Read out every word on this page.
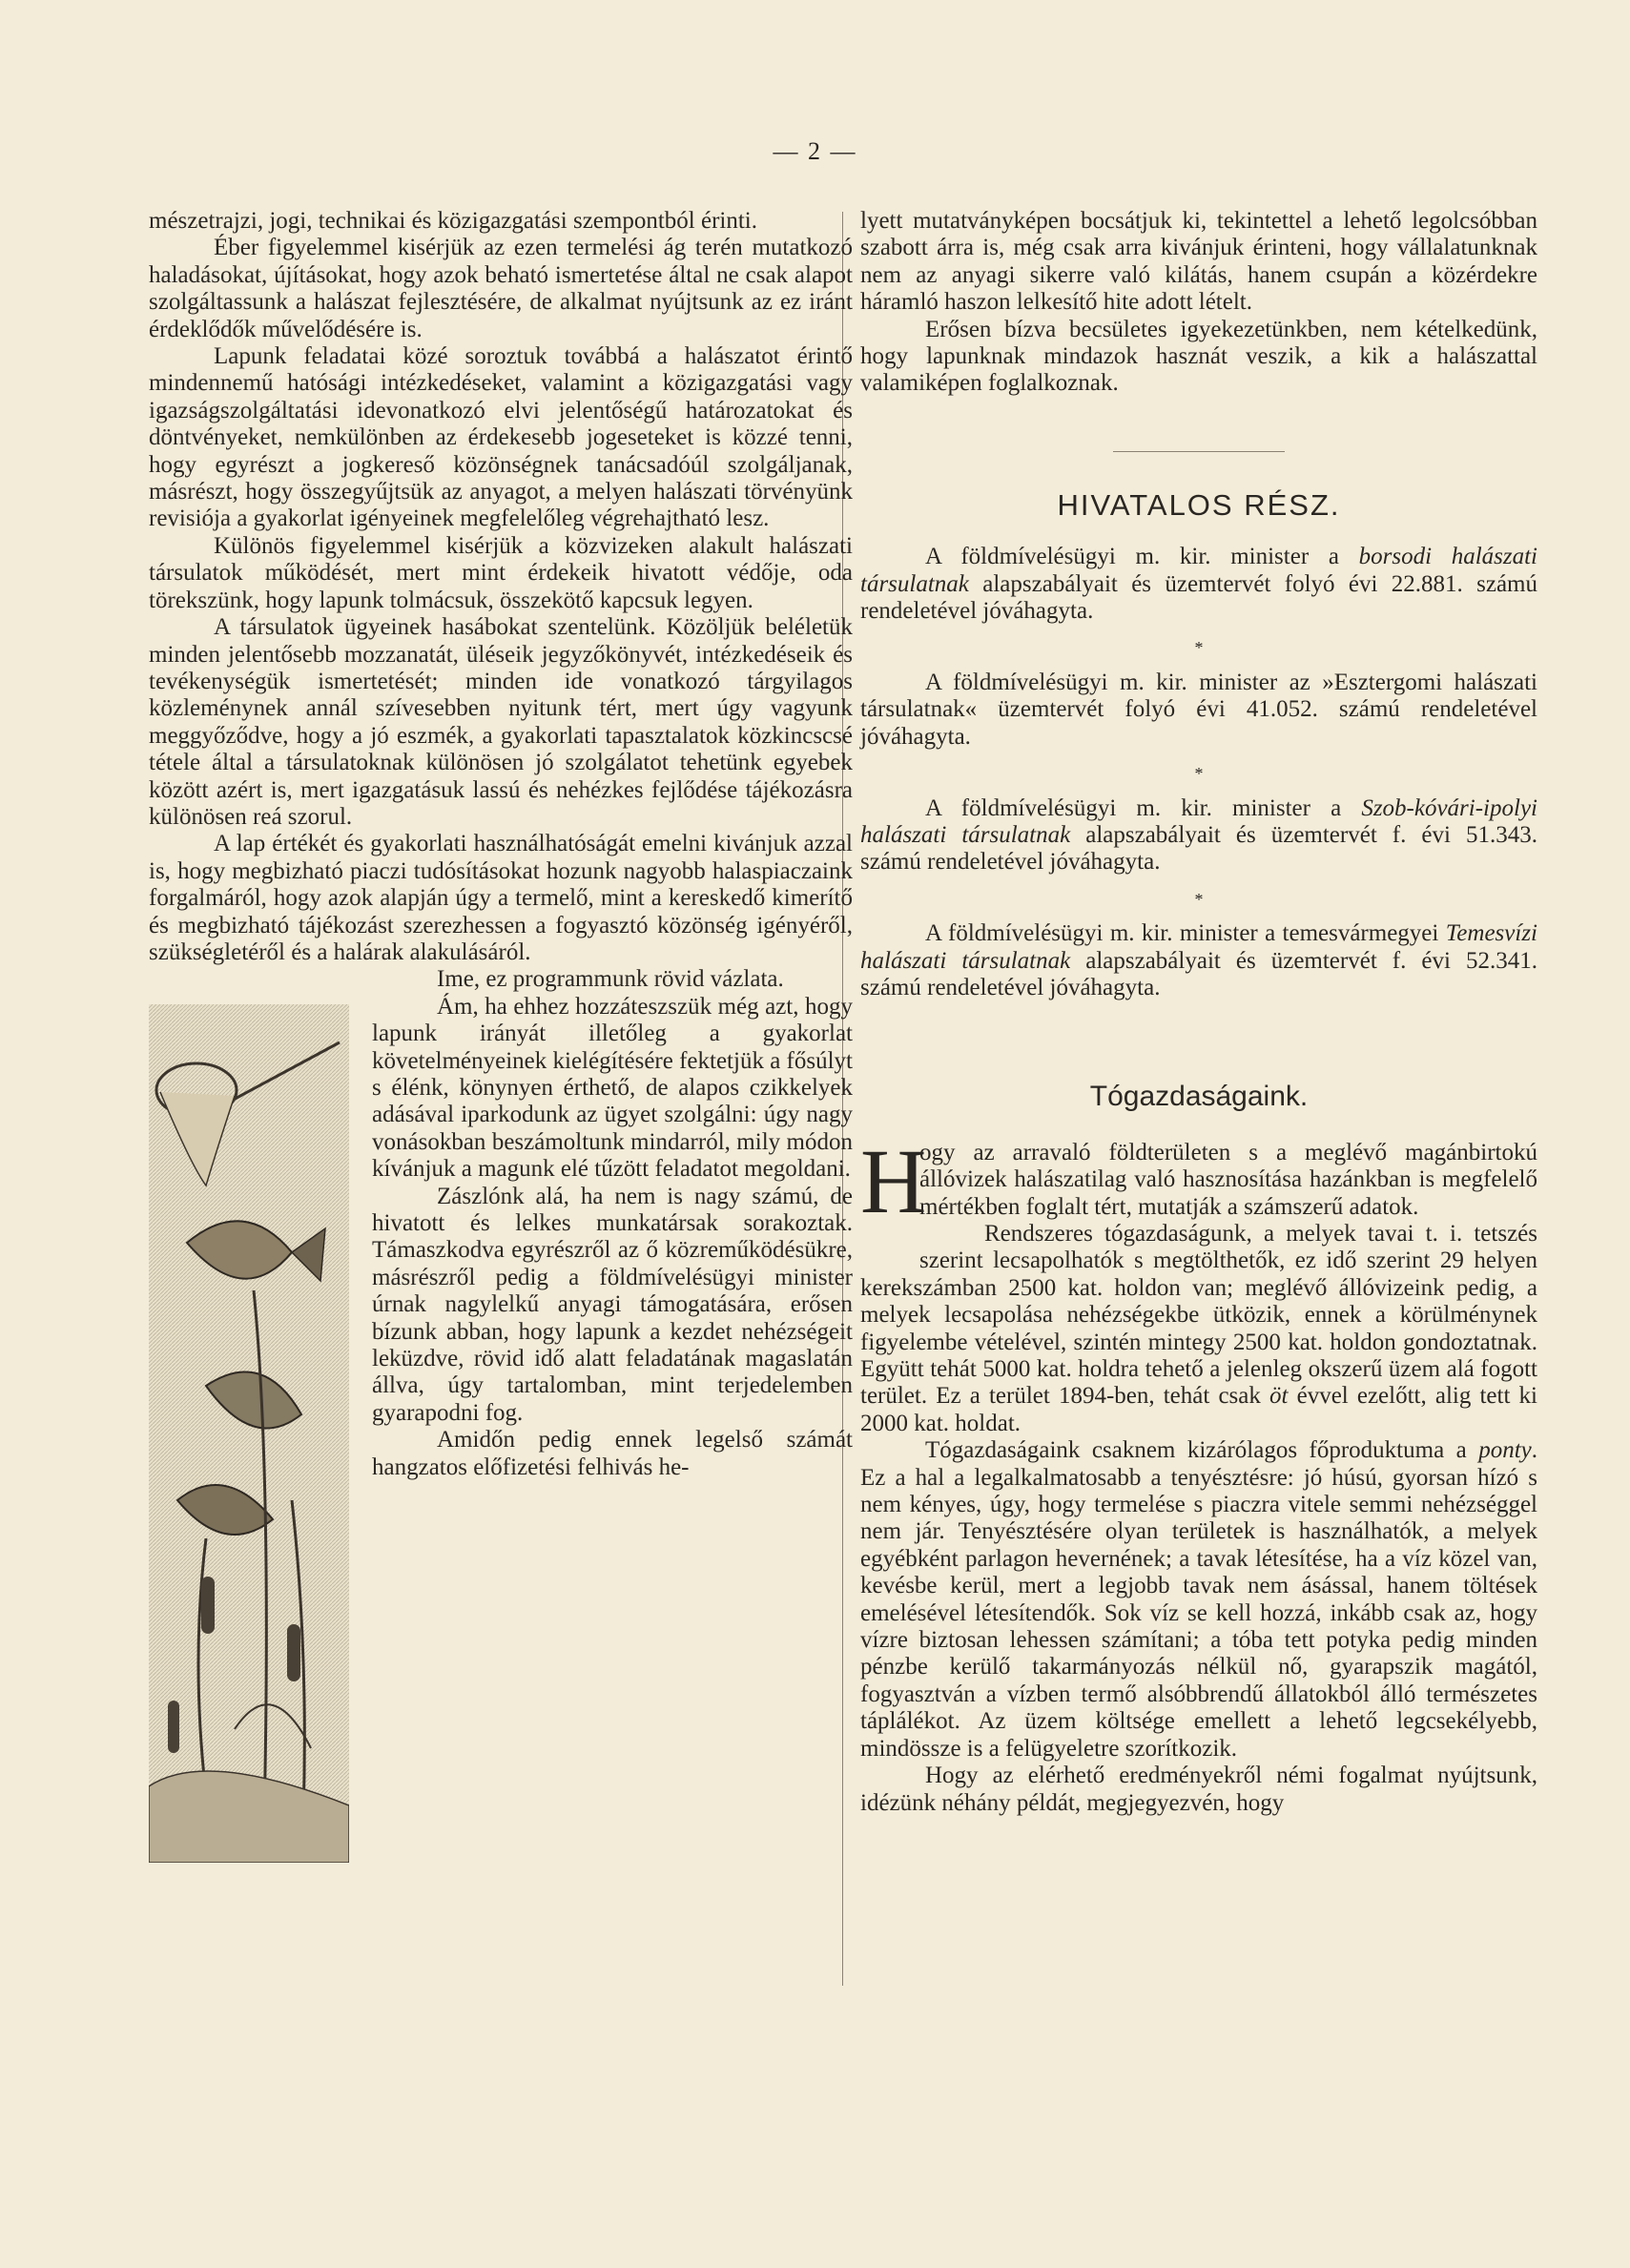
— 2 —

mészetrajzi, jogi, technikai és közigazgatási szempontból érinti.

Éber figyelemmel kisérjük az ezen termelési ág terén mutatkozó haladásokat, újításokat, hogy azok beható ismertetése által ne csak alapot szolgáltassunk a halászat fejlesztésére, de alkalmat nyújtsunk az ez iránt érdeklődők művelődésére is.

Lapunk feladatai közé soroztuk továbbá a halászatot érintő mindennemű hatósági intézkedéseket, valamint a közigazgatási vagy igazságszolgáltatási idevonatkozó elvi jelentőségű határozatokat és döntvényeket, nemkülönben az érdekesebb jogeseteket is közzé tenni, hogy egyrészt a jogkereső közönségnek tanácsadóúl szolgáljanak, másrészt, hogy összegyűjtsük az anyagot, a melyen halászati törvényünk revisiója a gyakorlat igényeinek megfelelőleg végrehajtható lesz.

Különös figyelemmel kisérjük a közvizeken alakult halászati társulatok működését, mert mint érdekeik hivatott védője, oda törekszünk, hogy lapunk tolmácsuk, összekötő kapcsuk legyen.

A társulatok ügyeinek hasábokat szentelünk. Közöljük beléletük minden jelentősebb mozzanatát, üléseik jegyzőkönyvét, intézkedéseik és tevékenységük ismertetését; minden ide vonatkozó tárgyilagos közleménynek annál szívesebben nyitunk tért, mert úgy vagyunk meggyőződve, hogy a jó eszmék, a gyakorlati tapasztalatok közkincscsé tétele által a társulatoknak különösen jó szolgálatot tehetünk egyebek között azért is, mert igazgatásuk lassú és nehézkes fejlődése tájékozásra különösen reá szorul.

A lap értékét és gyakorlati használhatóságát emelni kivánjuk azzal is, hogy megbizható piaczi tudósításokat hozunk nagyobb halaspiaczaink forgalmáról, hogy azok alapján úgy a termelő, mint a kereskedő kimerítő és megbizható tájékozást szerezhessen a fogyasztó közönség igényéről, szükségletéről és a halárak alakulásáról.

Ime, ez programmunk rövid vázlata.

Ám, ha ehhez hozzáteszszük még azt, hogy lapunk irányát illetőleg a gyakorlat követelményeinek kielégítésére fektetjük a fősúlyt s élénk, könynyen érthető, de alapos czikkelyek adásával iparkodunk az ügyet szolgálni: úgy nagy vonásokban beszámoltunk mindarról, mily módon kívánjuk a magunk elé tűzött feladatot megoldani.

Zászlónk alá, ha nem is nagy számú, de hivatott és lelkes munkatársak sorakoztak. Támaszkodva egyrészről az ő közreműködésükre, másrészről pedig a földmívelésügyi minister úrnak nagylelkű anyagi támogatására, erősen bízunk abban, hogy lapunk a kezdet nehézségeit leküzdve, rövid idő alatt feladatának magaslatán állva, úgy tartalomban, mint terjedelemben gyarapodni fog.

Amidőn pedig ennek legelső számát hangzatos előfizetési felhivás he-

lyett mutatványképen bocsátjuk ki, tekintettel a lehető legolcsóbban szabott árra is, még csak arra kivánjuk érinteni, hogy vállalatunknak nem az anyagi sikerre való kilátás, hanem csupán a közérdekre háramló haszon lelkesítő hite adott lételt.

Erősen bízva becsületes igyekezetünkben, nem kételkedünk, hogy lapunknak mindazok hasznát veszik, a kik a halászattal valamiképen foglalkoznak.

HIVATALOS RÉSZ.

A földmívelésügyi m. kir. minister a borsodi halászati társulatnak alapszabályait és üzemtervét folyó évi 22.881. számú rendeletével jóváhagyta.

*

A földmívelésügyi m. kir. minister az »Esztergomi halászati társulatnak« üzemtervét folyó évi 41.052. számú rendeletével jóváhagyta.

*

A földmívelésügyi m. kir. minister a Szob-kóvári-ipolyi halászati társulatnak alapszabályait és üzemtervét f. évi 51.343. számú rendeletével jóváhagyta.

*

A földmívelésügyi m. kir. minister a temesvármegyei Temesvízi halászati társulatnak alapszabályait és üzemtervét f. évi 52.341. számú rendeletével jóváhagyta.

Tógazdaságaink.
H

ogy az arravaló földterületen s a meglévő magánbirtokú állóvizek halászatilag való hasznosítása hazánkban is megfelelő mértékben foglalt tért, mutatják a számszerű adatok.

Rendszeres tógazdaságunk, a melyek tavai t. i. tetszés szerint lecsapolhatók s megtölthetők, ez idő szerint 29 helyen kerekszámban 2500 kat. holdon van; meglévő állóvizeink pedig, a melyek lecsapolása nehézségekbe ütközik, ennek a körülménynek figyelembe vételével, szintén mintegy 2500 kat. holdon gondoztatnak. Együtt tehát 5000 kat. holdra tehető a jelenleg okszerű üzem alá fogott terület. Ez a terület 1894-ben, tehát csak öt évvel ezelőtt, alig tett ki 2000 kat. holdat.

Tógazdaságaink csaknem kizárólagos főproduktuma a ponty. Ez a hal a legalkalmatosabb a tenyésztésre: jó húsú, gyorsan hízó s nem kényes, úgy, hogy termelése s piaczra vitele semmi nehézséggel nem jár. Tenyésztésére olyan területek is használhatók, a melyek egyébként parlagon hevernének; a tavak létesítése, ha a víz közel van, kevésbe kerül, mert a legjobb tavak nem ásással, hanem töltések emelésével létesítendők. Sok víz se kell hozzá, inkább csak az, hogy vízre biztosan lehessen számítani; a tóba tett potyka pedig minden pénzbe kerülő takarmányozás nélkül nő, gyarapszik magától, fogyasztván a vízben termő alsóbbrendű állatokból álló természetes táplálékot. Az üzem költsége emellett a lehető legcsekélyebb, mindössze is a felügyeletre szorítkozik.

Hogy az elérhető eredményekről némi fogalmat nyújtsunk, idézünk néhány példát, megjegyezvén, hogy
